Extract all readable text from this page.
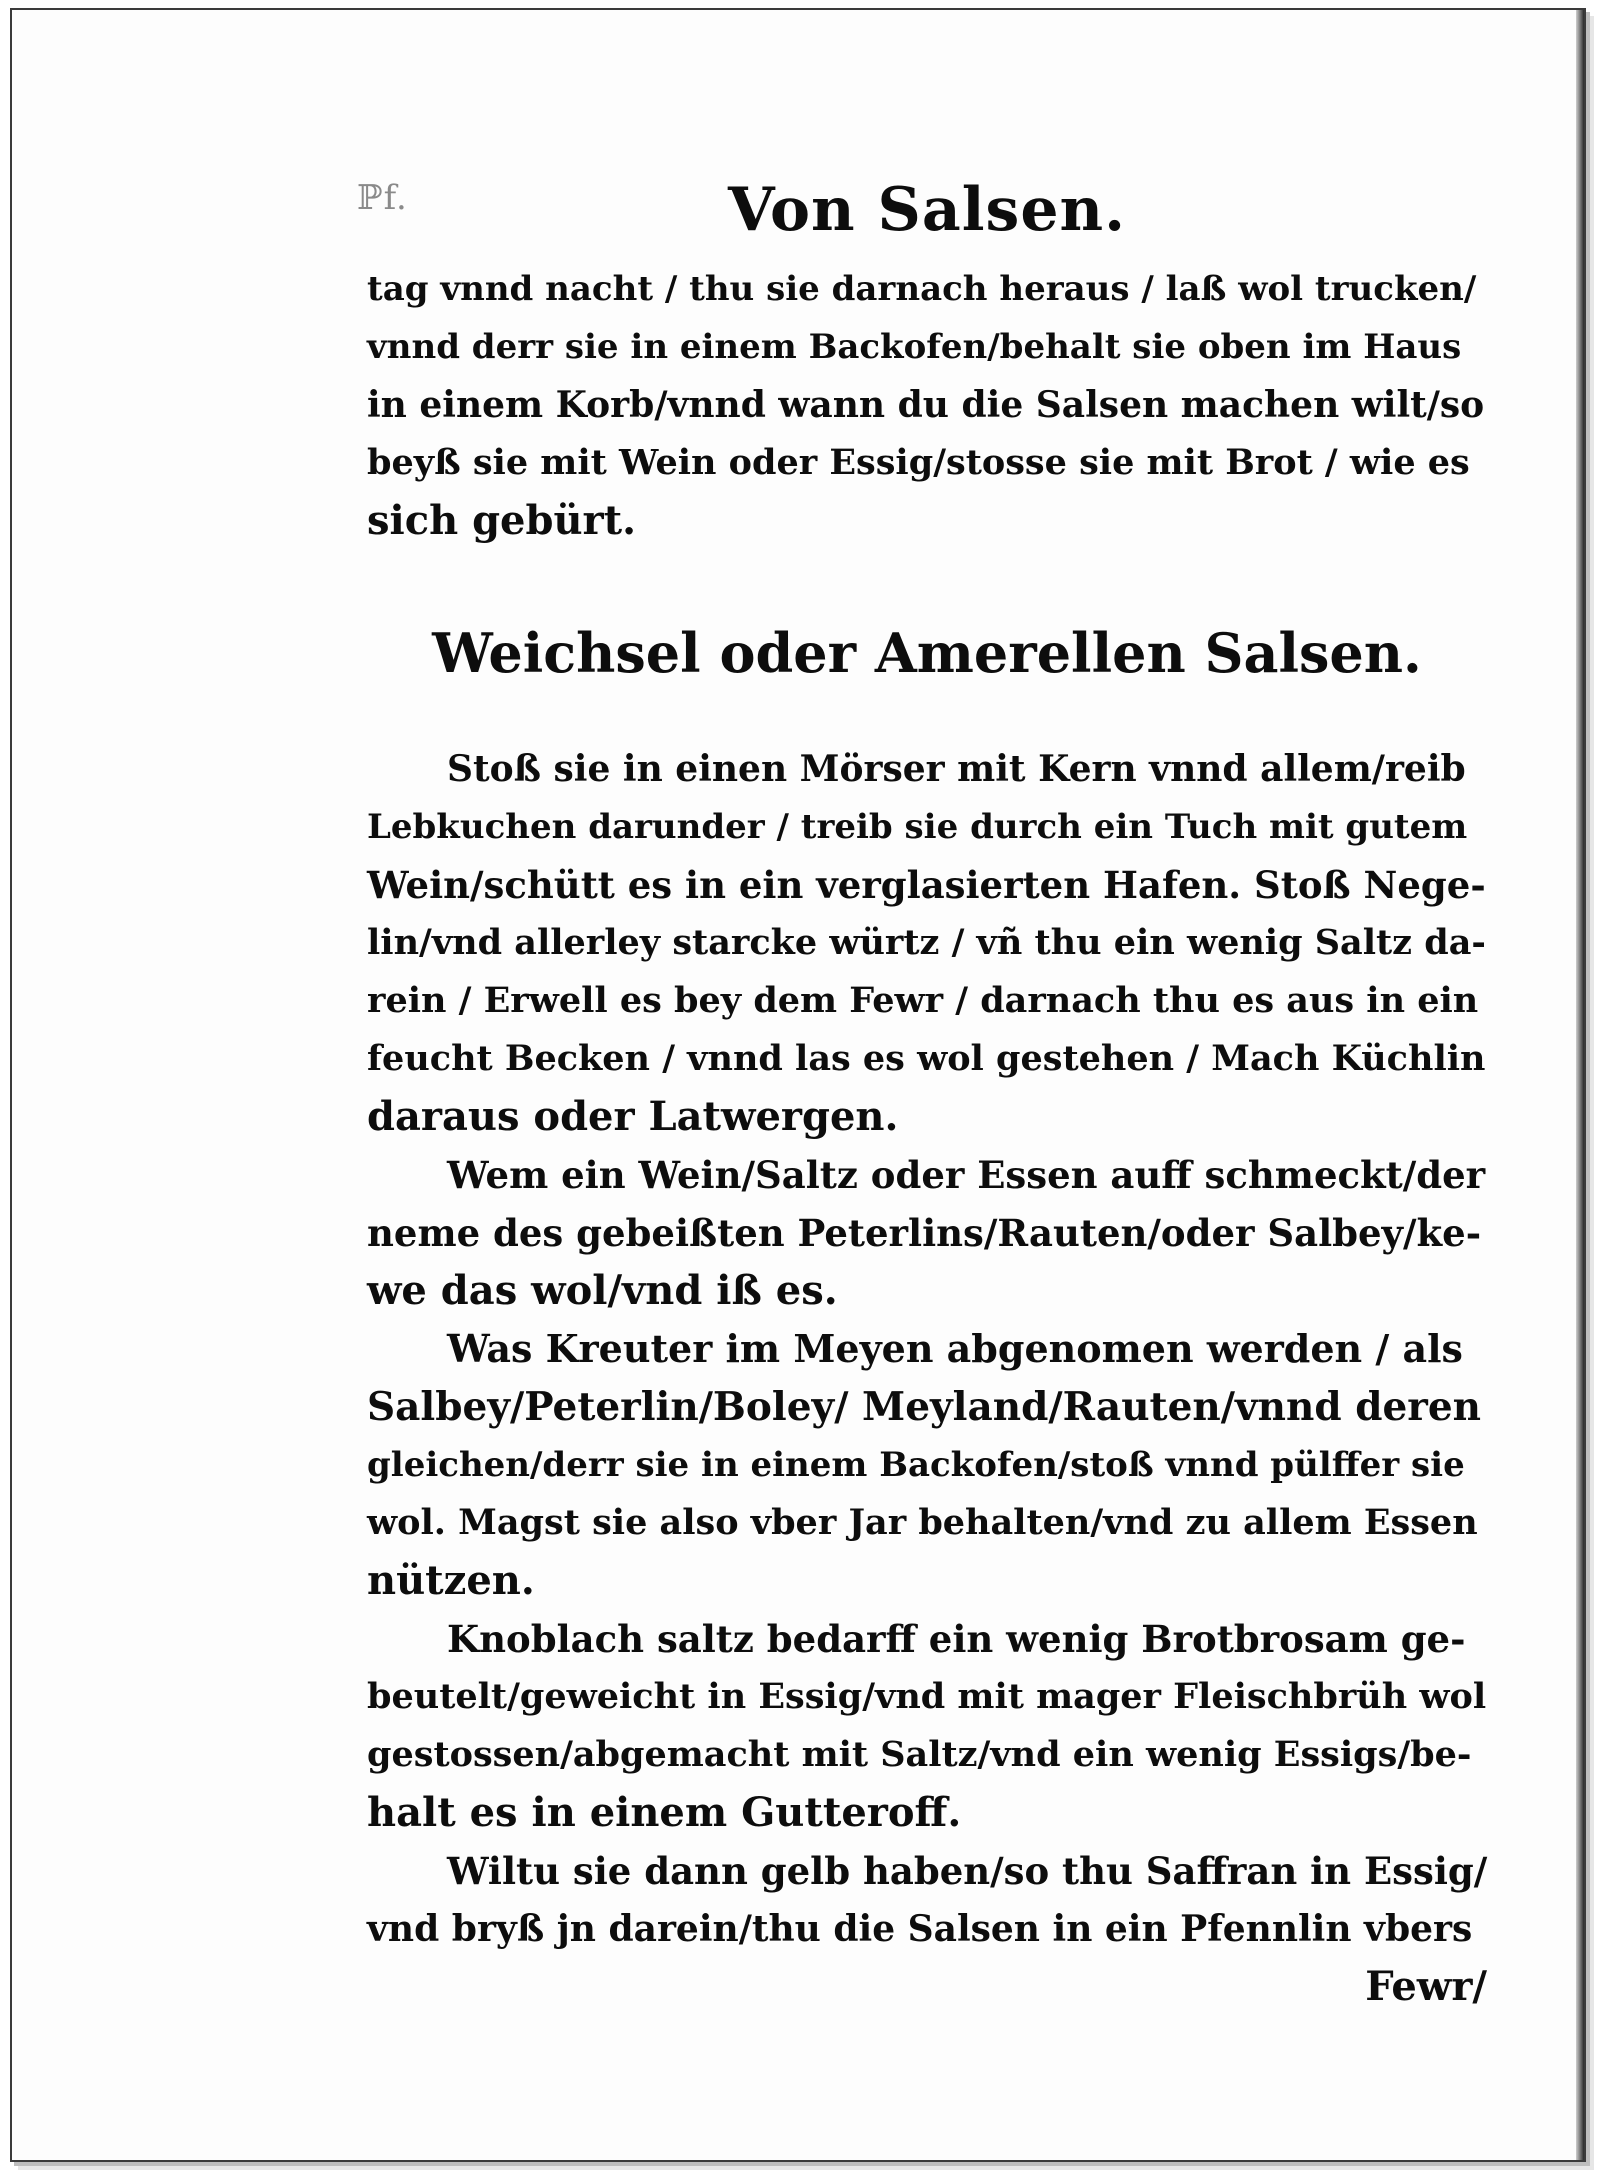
ℙf.	Von Salsen.
tag vnnd nacht / thu sie darnach heraus / laß wol trucken/
vnnd derr sie in einem Backofen/behalt sie oben im Haus
in einem Korb/vnnd wann du die Salsen machen wilt/so
beyß sie mit Wein oder Essig/stosse sie mit Brot / wie es
sich gebürt.
Weichsel oder Amerellen Salsen.
Stoß sie in einen Mörser mit Kern vnnd allem/reib
Lebkuchen darunder / treib sie durch ein Tuch mit gutem
Wein/schütt es in ein verglasierten Hafen. Stoß Nege-
lin/vnd allerley starcke würtz / vñ thu ein wenig Saltz da-
rein / Erwell es bey dem Fewr / darnach thu es aus in ein
feucht Becken / vnnd las es wol gestehen / Mach Küchlin
daraus oder Latwergen.
Wem ein Wein/Saltz oder Essen auff schmeckt/der
neme des gebeißten Peterlins/Rauten/oder Salbey/ke-
we das wol/vnd iß es.
Was Kreuter im Meyen abgenomen werden / als
Salbey/Peterlin/Boley/ Meyland/Rauten/vnnd deren
gleichen/derr sie in einem Backofen/stoß vnnd pülffer sie
wol. Magst sie also vber Jar behalten/vnd zu allem Essen
nützen.
Knoblach saltz bedarff ein wenig Brotbrosam ge-
beutelt/geweicht in Essig/vnd mit mager Fleischbrüh wol
gestossen/abgemacht mit Saltz/vnd ein wenig Essigs/be-
halt es in einem Gutteroff.
Wiltu sie dann gelb haben/so thu Saffran in Essig/
vnd bryß jn darein/thu die Salsen in ein Pfennlin vbers
Fewr/
